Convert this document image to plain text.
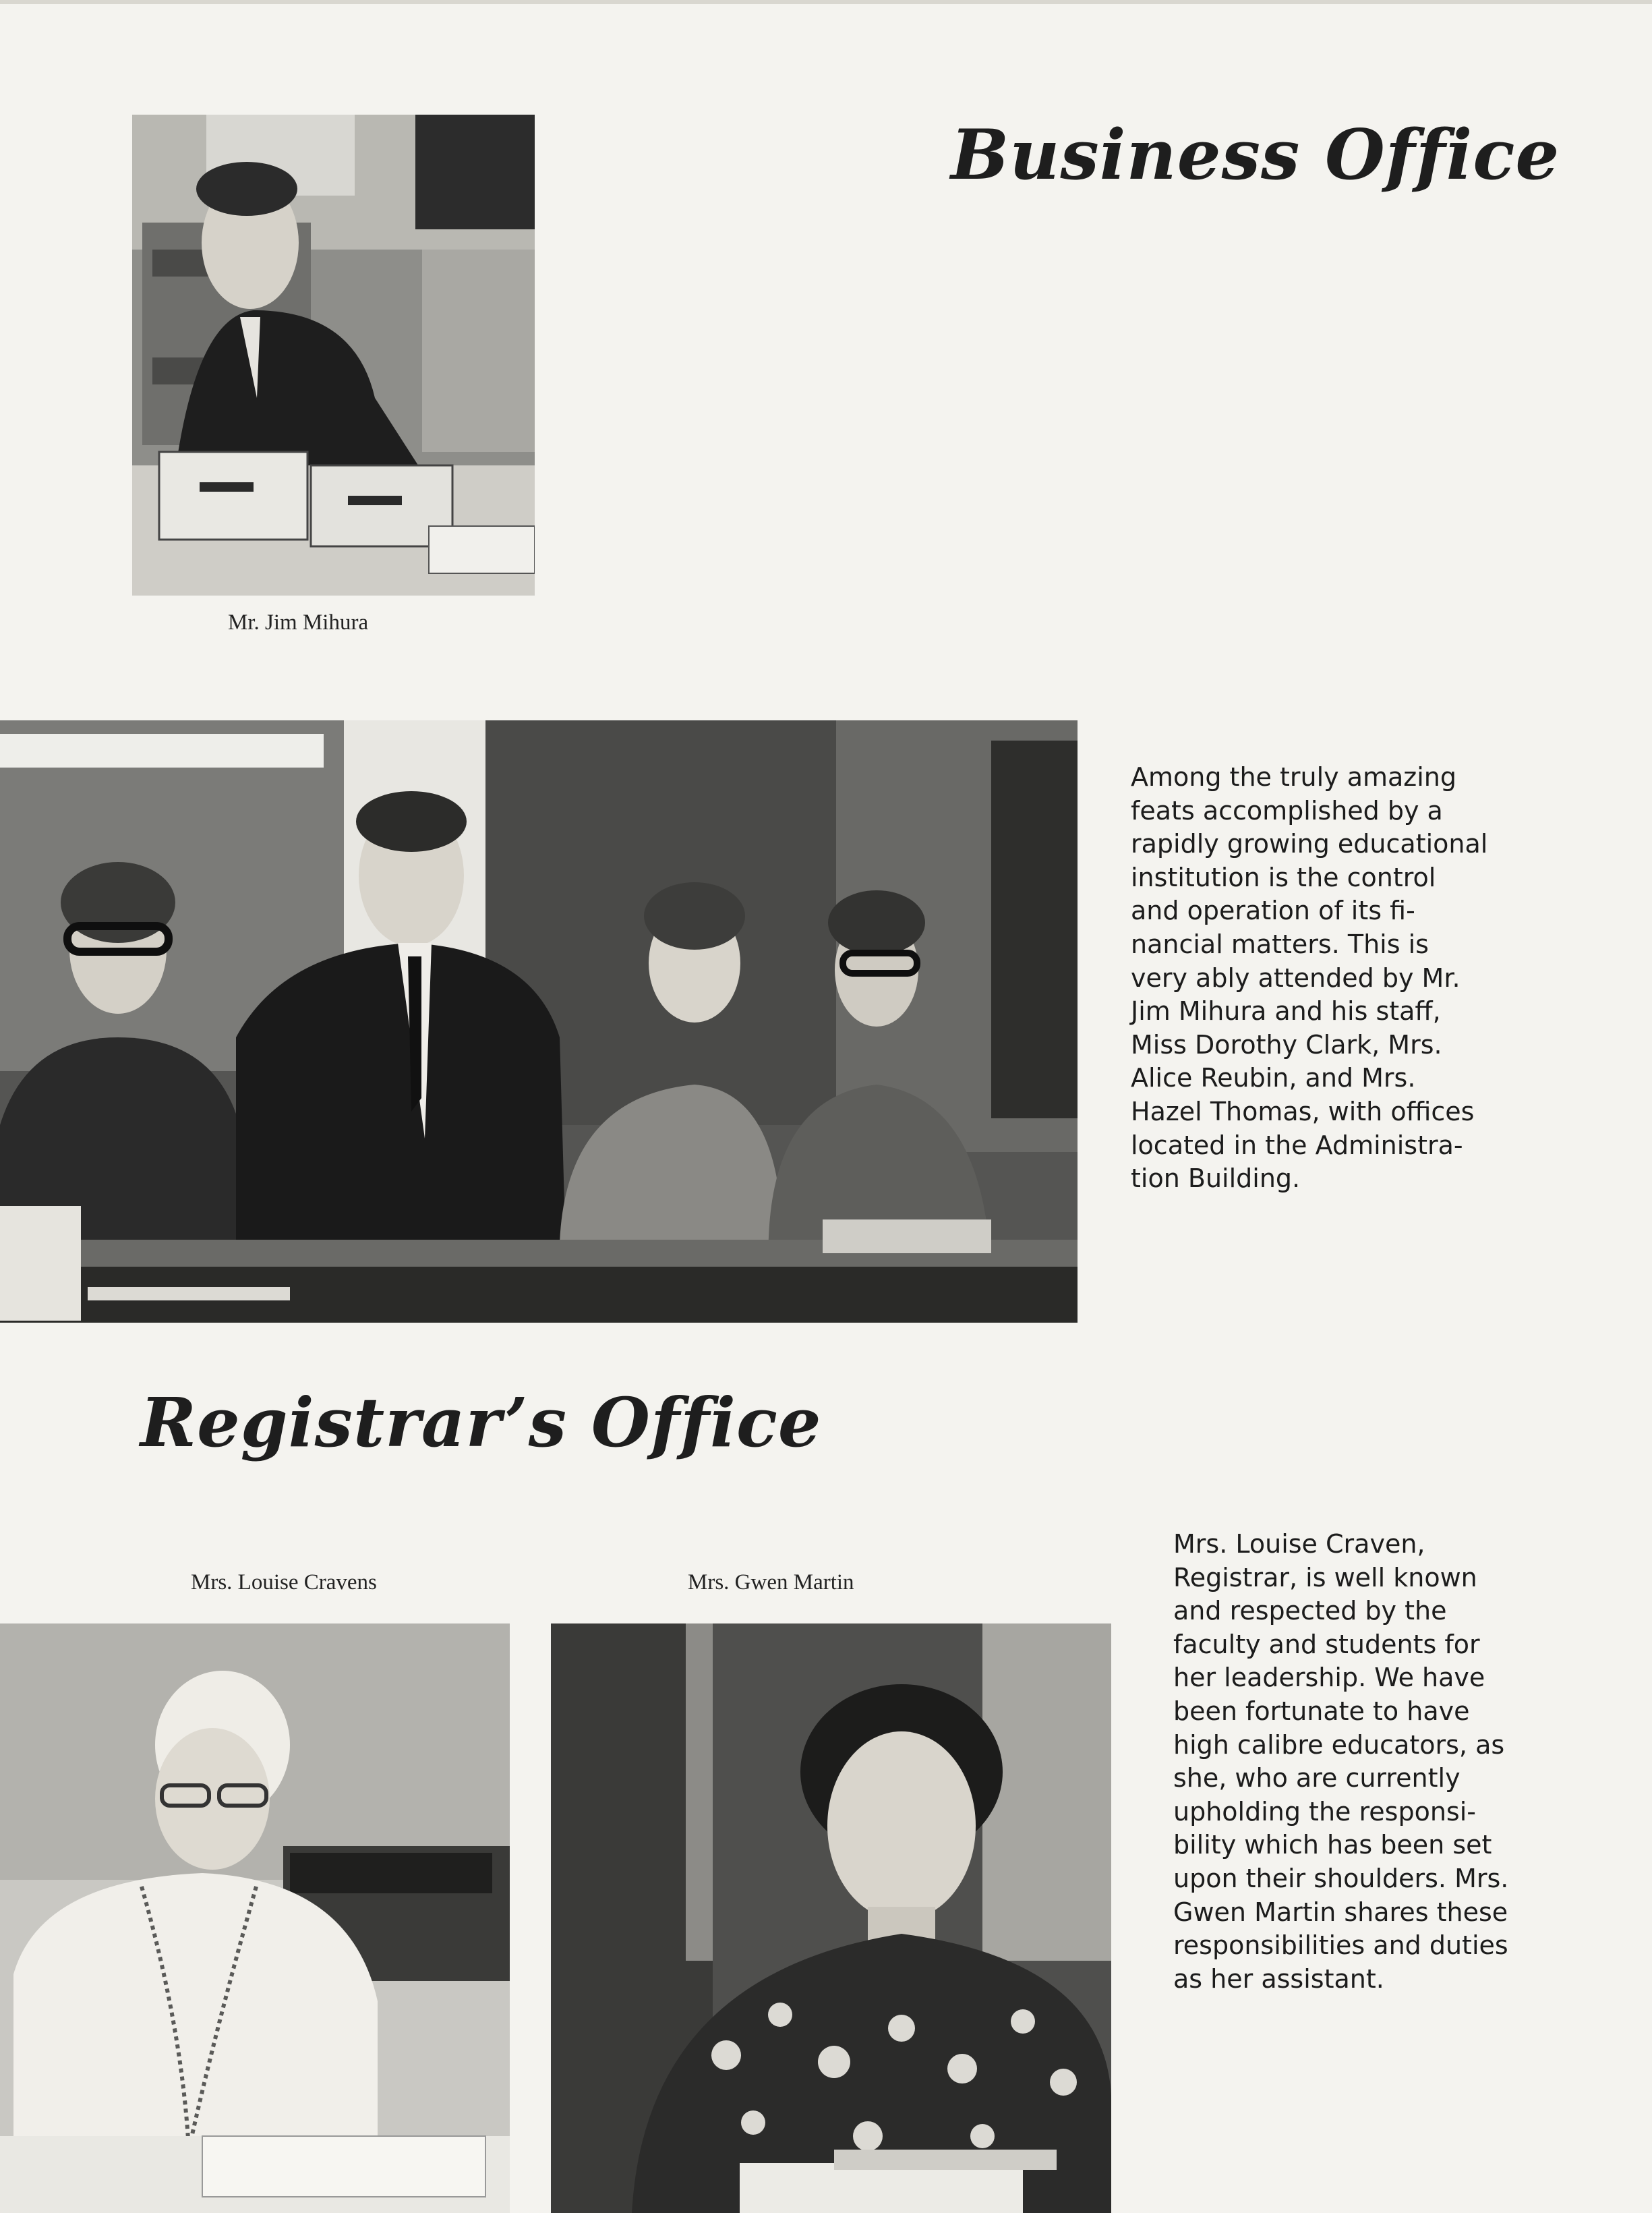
Business Office
Mr. Jim Mihura
Among the truly amazing
feats accomplished by a
rapidly growing educational
institution is the control
and operation of its fi-
nancial matters. This is
very ably attended by Mr.
Jim Mihura and his staff,
Miss Dorothy Clark, Mrs.
Alice Reubin, and Mrs.
Hazel Thomas, with offices
located in the Administra-
tion Building.
Registrar’s Office
Mrs. Louise Cravens	Mrs. Gwen Martin
Mrs. Louise Craven,
Registrar, is well known
and respected by the
faculty and students for
her leadership. We have
been fortunate to have
high calibre educators, as
she, who are currently
upholding the responsi-
bility which has been set
upon their shoulders. Mrs.
Gwen Martin shares these
responsibilities and duties
as her assistant.
